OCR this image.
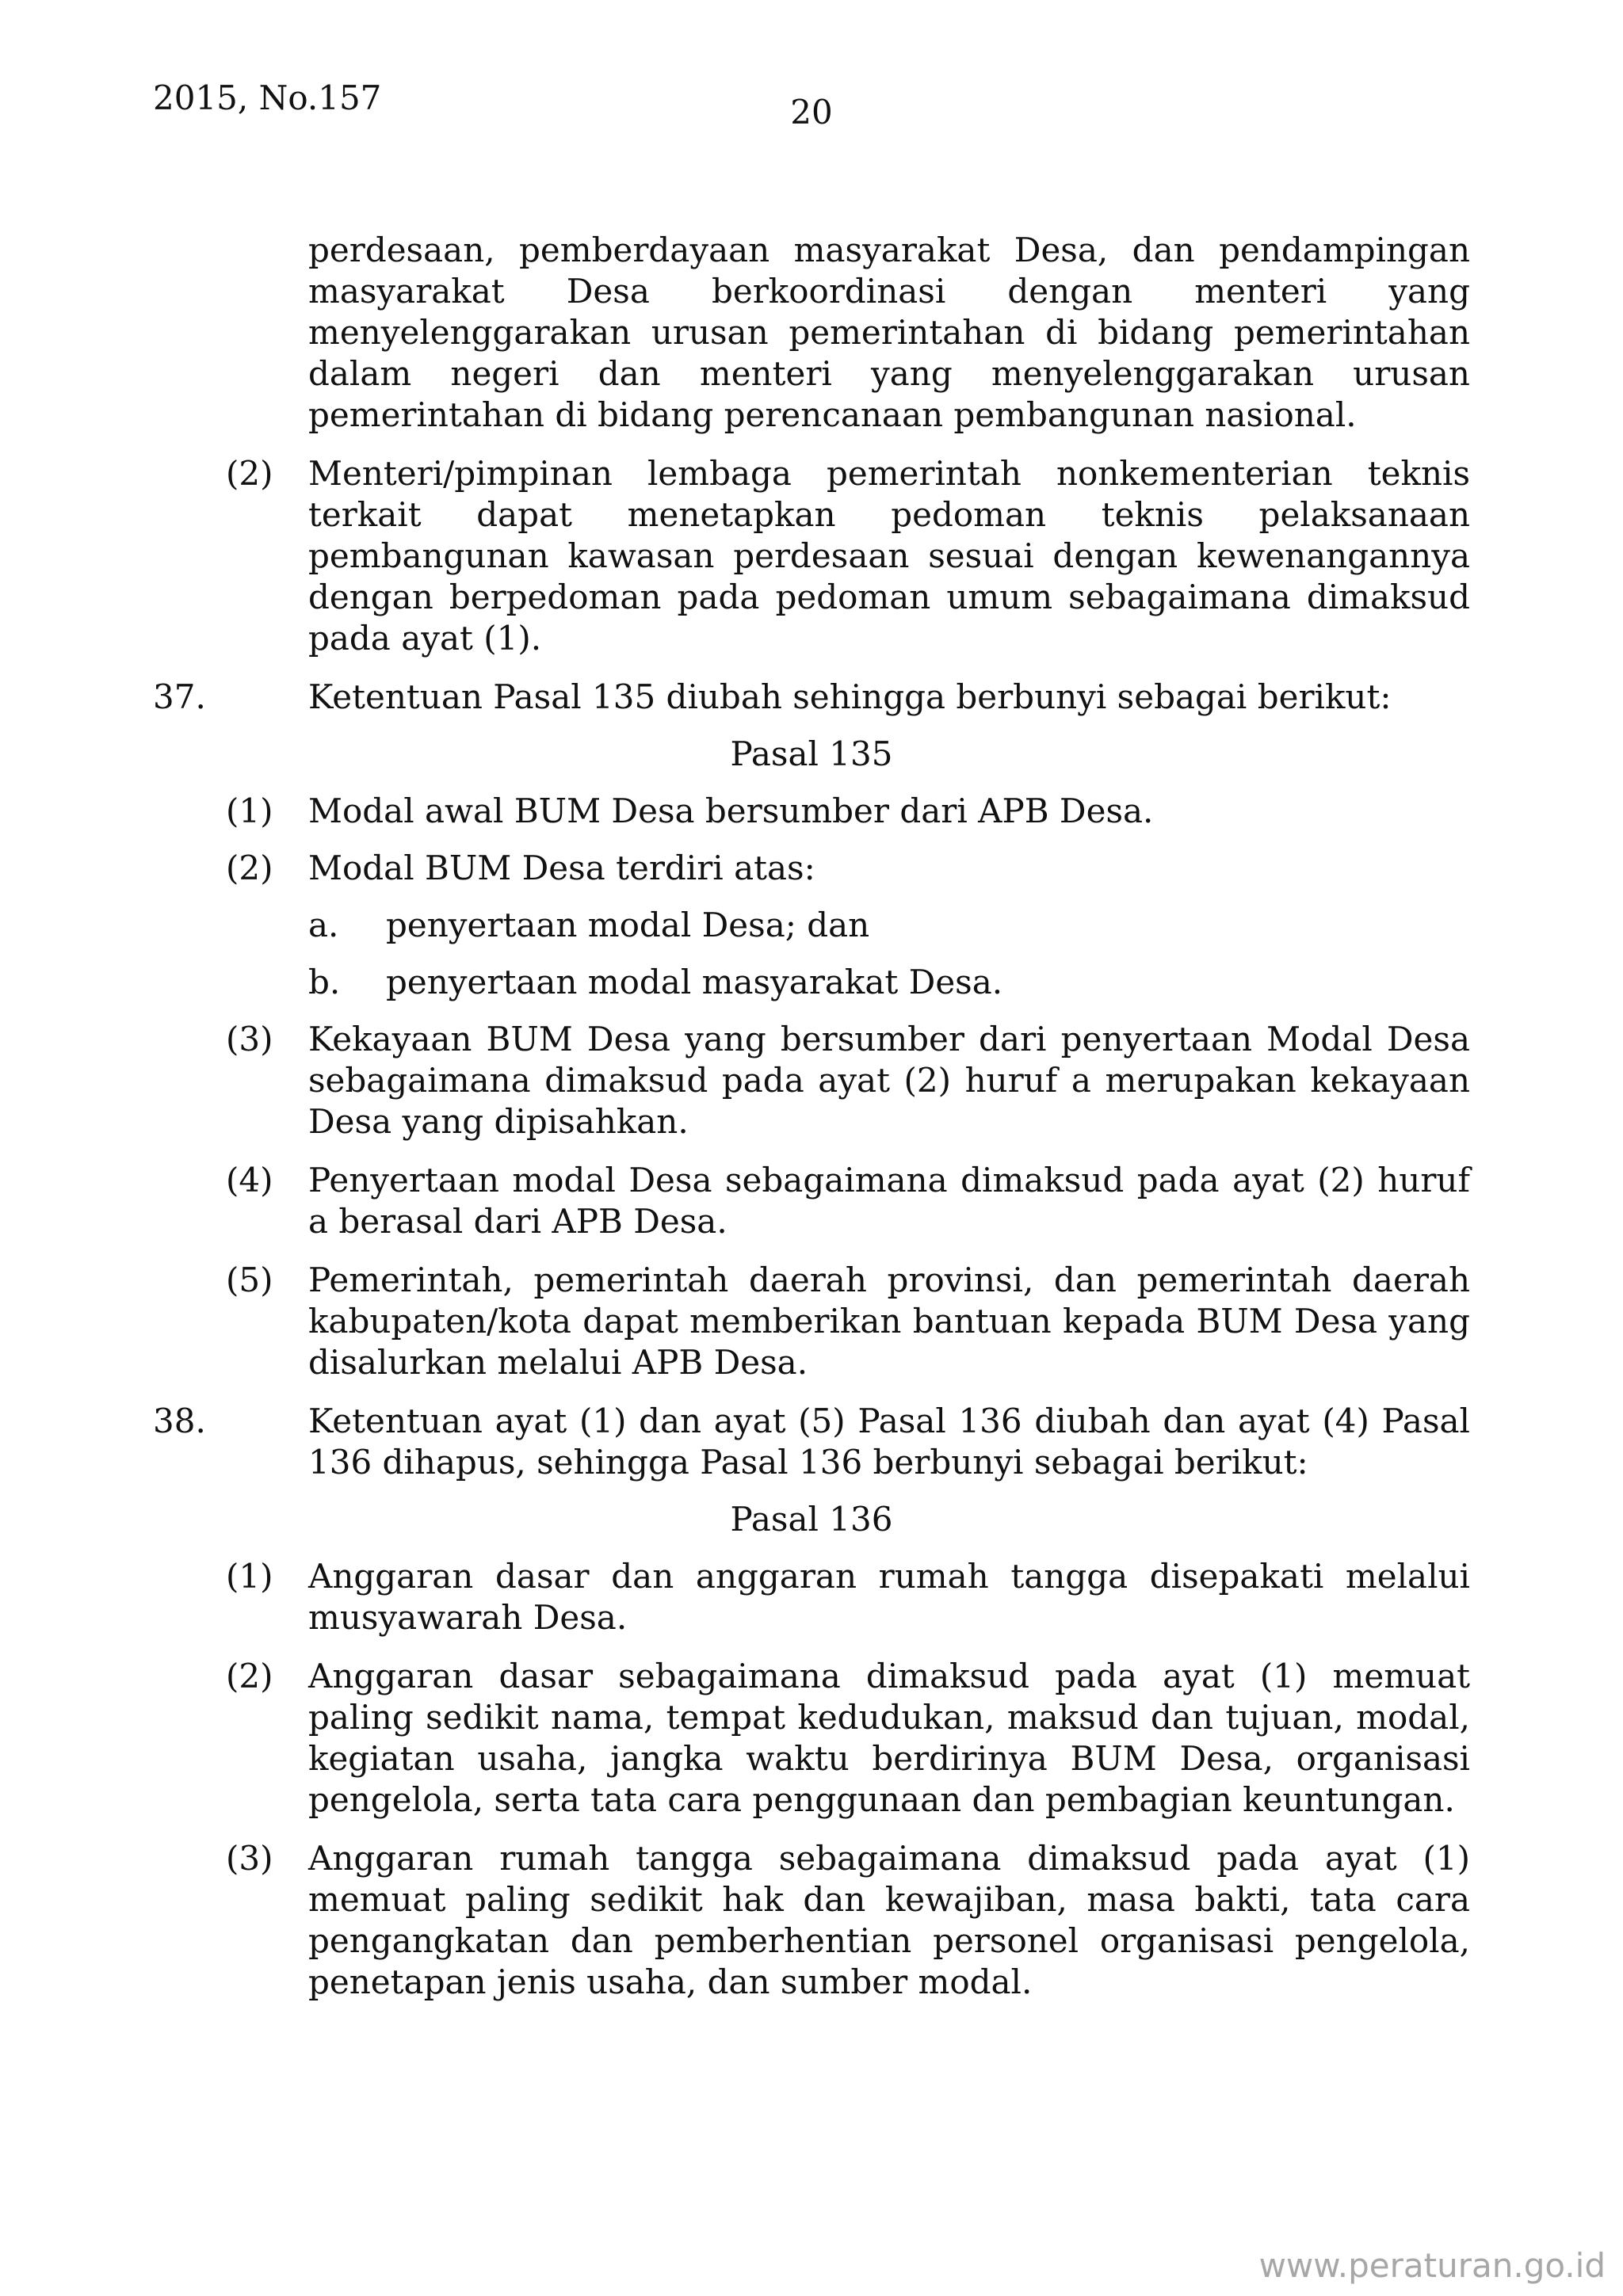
2015, No.157	20
perdesaan, pemberdayaan masyarakat Desa, dan pendampingan masyarakat Desa berkoordinasi dengan menteri yang menyelenggarakan urusan pemerintahan di bidang pemerintahan dalam negeri dan menteri yang menyelenggarakan urusan pemerintahan di bidang perencanaan pembangunan nasional.
(2) Menteri/pimpinan lembaga pemerintah nonkementerian teknis terkait dapat menetapkan pedoman teknis pelaksanaan pembangunan kawasan perdesaan sesuai dengan kewenangannya dengan berpedoman pada pedoman umum sebagaimana dimaksud pada ayat (1).
37.	Ketentuan Pasal 135 diubah sehingga berbunyi sebagai berikut:
Pasal 135
(1) Modal awal BUM Desa bersumber dari APB Desa.
(2) Modal BUM Desa terdiri atas:
a. penyertaan modal Desa; dan
b. penyertaan modal masyarakat Desa.
(3) Kekayaan BUM Desa yang bersumber dari penyertaan Modal Desa sebagaimana dimaksud pada ayat (2) huruf a merupakan kekayaan Desa yang dipisahkan.
(4) Penyertaan modal Desa sebagaimana dimaksud pada ayat (2) huruf a berasal dari APB Desa.
(5) Pemerintah, pemerintah daerah provinsi, dan pemerintah daerah kabupaten/kota dapat memberikan bantuan kepada BUM Desa yang disalurkan melalui APB Desa.
38.	Ketentuan ayat (1) dan ayat (5) Pasal 136 diubah dan ayat (4) Pasal 136 dihapus, sehingga Pasal 136 berbunyi sebagai berikut:
Pasal 136
(1) Anggaran dasar dan anggaran rumah tangga disepakati melalui musyawarah Desa.
(2) Anggaran dasar sebagaimana dimaksud pada ayat (1) memuat paling sedikit nama, tempat kedudukan, maksud dan tujuan, modal, kegiatan usaha, jangka waktu berdirinya BUM Desa, organisasi pengelola, serta tata cara penggunaan dan pembagian keuntungan.
(3) Anggaran rumah tangga sebagaimana dimaksud pada ayat (1) memuat paling sedikit hak dan kewajiban, masa bakti, tata cara pengangkatan dan pemberhentian personel organisasi pengelola, penetapan jenis usaha, dan sumber modal.
www.peraturan.go.id
